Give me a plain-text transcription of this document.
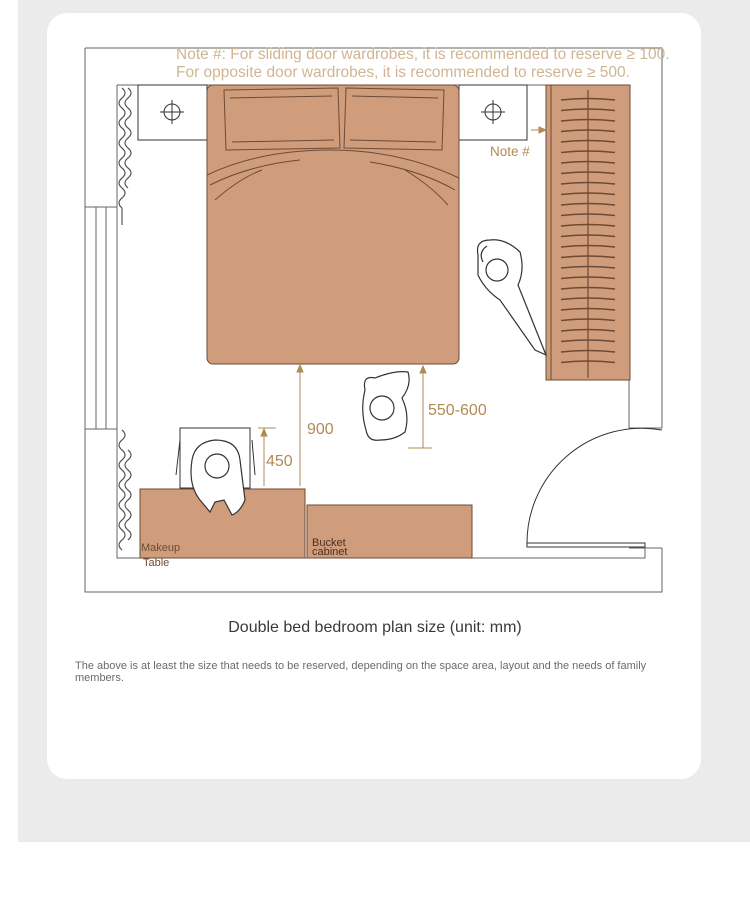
900
450
550-600
Note #
Makeup
Table
Bucket
cabinet
Note #: For sliding door wardrobes, it is recommended to reserve ≥ 100.
For opposite door wardrobes, it is recommended to reserve ≥ 500.
Double bed bedroom plan size (unit: mm)
The above is at least the size that needs to be reserved, depending on the space area, layout and the needs of family members.
